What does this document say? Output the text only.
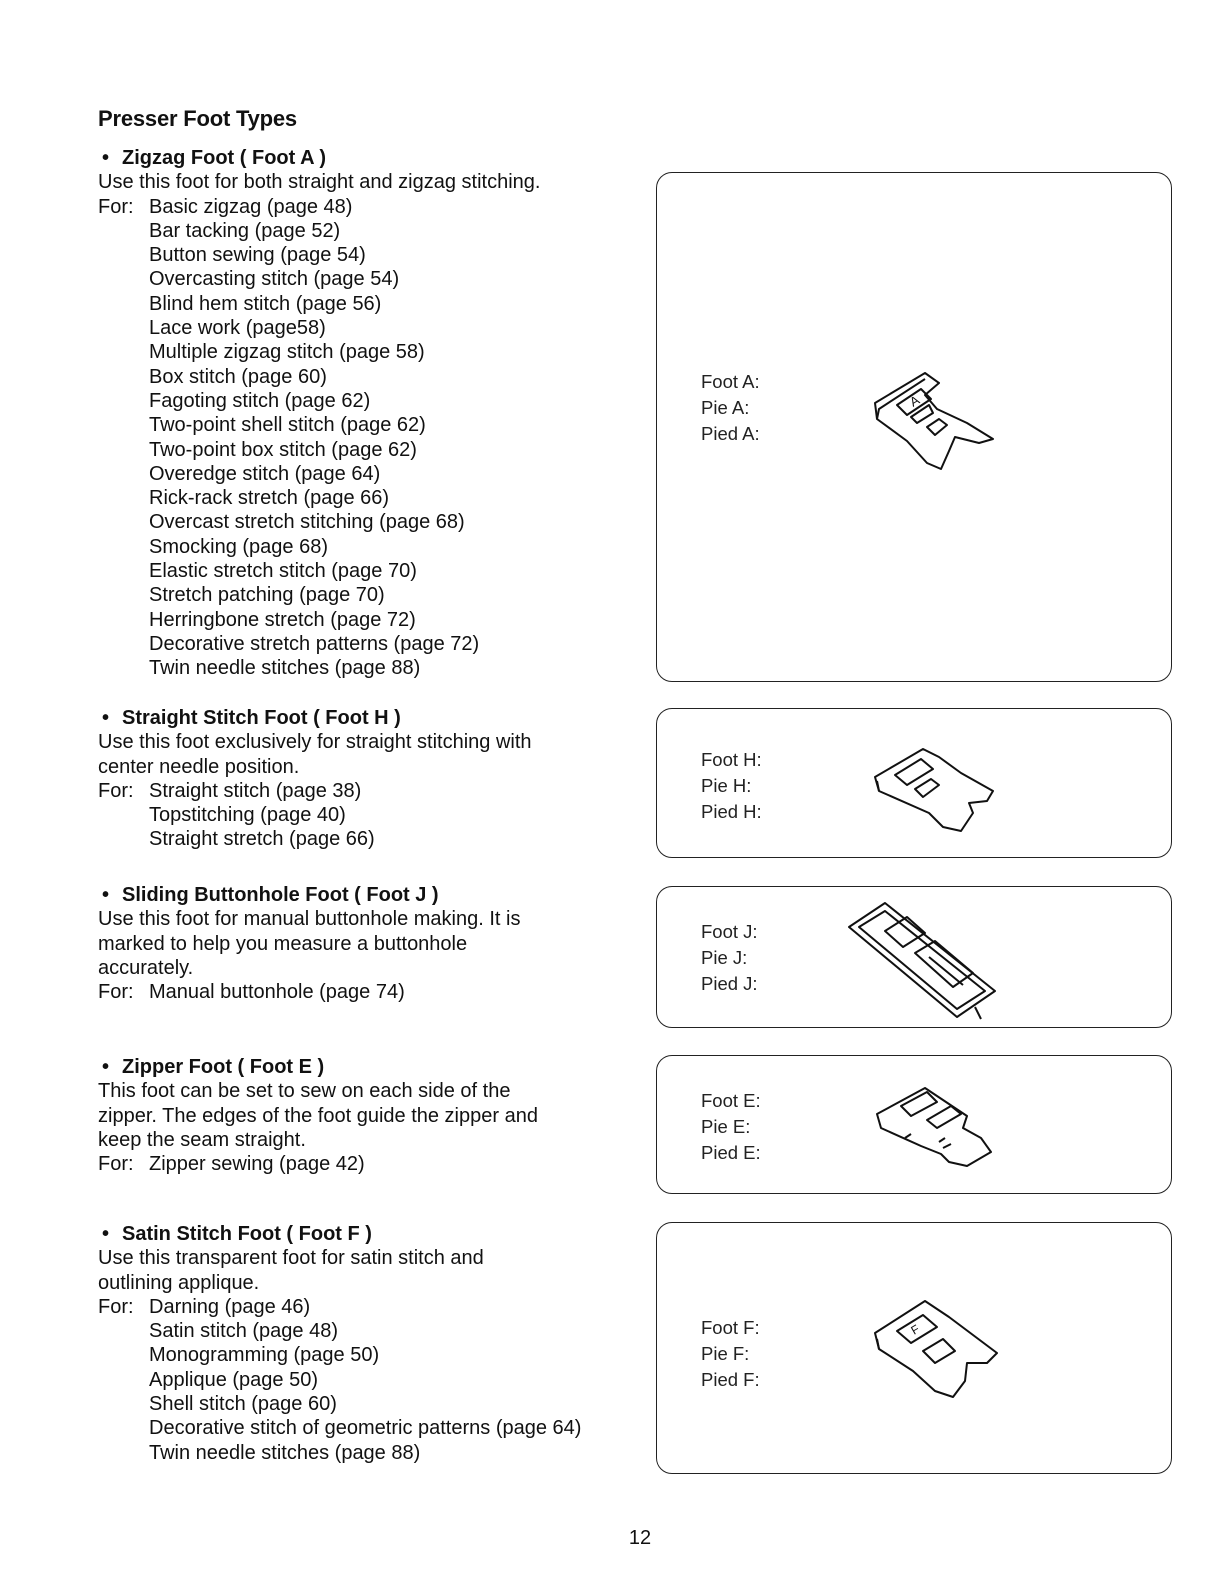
Presser Foot Types
• Zigzag Foot ( Foot A )
Use this foot for both straight and zigzag stitching.
For: Basic zigzag (page 48)
Bar tacking (page 52)
Button sewing (page 54)
Overcasting stitch (page 54)
Blind hem stitch (page 56)
Lace work (page58)
Multiple zigzag stitch (page 58)
Box stitch (page 60)
Fagoting stitch (page 62)
Two-point shell stitch (page 62)
Two-point box stitch (page 62)
Overedge stitch (page 64)
Rick-rack stretch (page 66)
Overcast stretch stitching (page 68)
Smocking (page 68)
Elastic stretch stitch (page 70)
Stretch patching (page 70)
Herringbone stretch (page 72)
Decorative stretch patterns (page 72)
Twin needle stitches (page 88)
• Straight Stitch Foot ( Foot H )
Use this foot exclusively for straight stitching with
center needle position.
For: Straight stitch (page 38)
Topstitching (page 40)
Straight stretch (page 66)
• Sliding Buttonhole Foot ( Foot J )
Use this foot for manual buttonhole making. It is
marked to help you measure a buttonhole
accurately.
For: Manual buttonhole (page 74)
• Zipper Foot ( Foot E )
This foot can be set to sew on each side of the
zipper. The edges of the foot guide the zipper and
keep the seam straight.
For: Zipper sewing (page 42)
• Satin Stitch Foot ( Foot F )
Use this transparent foot for satin stitch and
outlining applique.
For: Darning (page 46)
Satin stitch (page 48)
Monogramming (page 50)
Applique (page 50)
Shell stitch (page 60)
Decorative stitch of geometric patterns (page 64)
Twin needle stitches (page 88)
Foot A:
Pie A:
Pied A:
A
Foot H:
Pie H:
Pied H:
Foot J:
Pie J:
Pied J:
Foot E:
Pie E:
Pied E:
Foot F:
Pie F:
Pied F:
F
12
